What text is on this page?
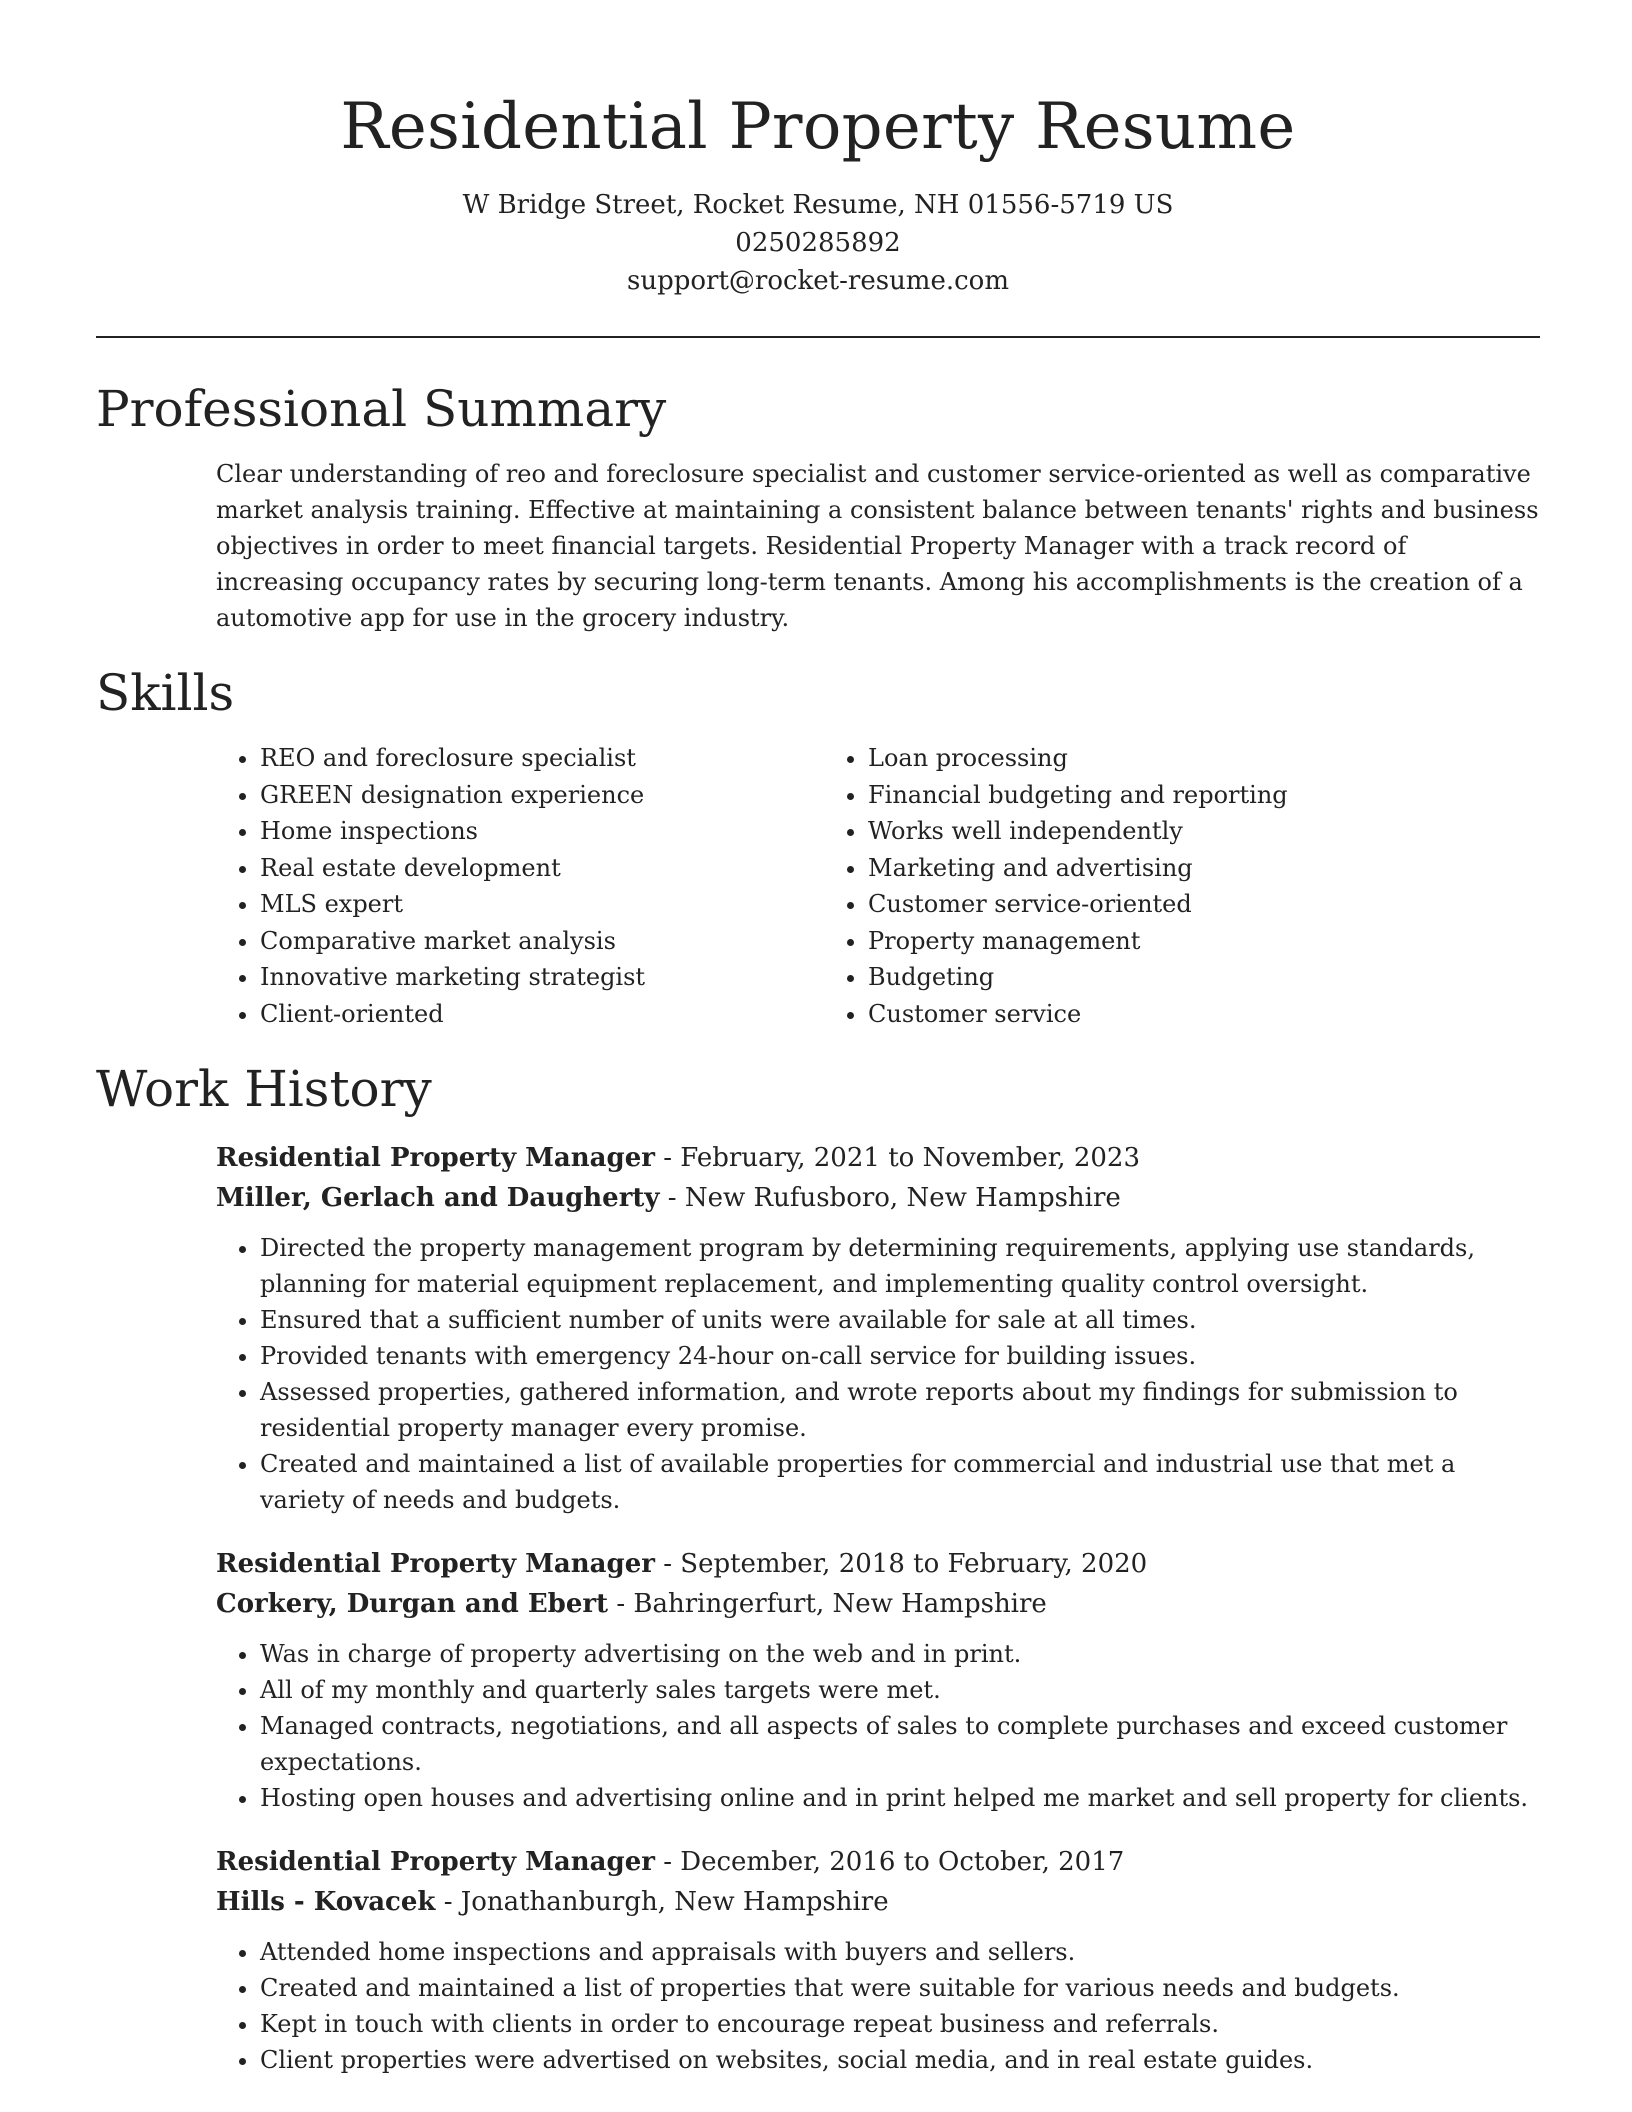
Residential Property Resume
W Bridge Street, Rocket Resume, NH 01556-5719 US
0250285892
support@rocket-resume.com
Professional Summary

Clear understanding of reo and foreclosure specialist and customer service-oriented as well as comparative market analysis training. Effective at maintaining a consistent balance between tenants' rights and business objectives in order to meet financial targets. Residential Property Manager with a track record of increasing occupancy rates by securing long-term tenants. Among his accomplishments is the creation of a automotive app for use in the grocery industry.

Skills
• REO and foreclosure specialist
• GREEN designation experience
• Home inspections
• Real estate development
• MLS expert
• Comparative market analysis
• Innovative marketing strategist
• Client-oriented
• Loan processing
• Financial budgeting and reporting
• Works well independently
• Marketing and advertising
• Customer service-oriented
• Property management
• Budgeting
• Customer service
Work History
Residential Property Manager - February, 2021 to November, 2023
Miller, Gerlach and Daugherty - New Rufusboro, New Hampshire
• Directed the property management program by determining requirements, applying use standards, planning for material equipment replacement, and implementing quality control oversight.
• Ensured that a sufficient number of units were available for sale at all times.
• Provided tenants with emergency 24-hour on-call service for building issues.
• Assessed properties, gathered information, and wrote reports about my findings for submission to residential property manager every promise.
• Created and maintained a list of available properties for commercial and industrial use that met a variety of needs and budgets.
Residential Property Manager - September, 2018 to February, 2020
Corkery, Durgan and Ebert - Bahringerfurt, New Hampshire
• Was in charge of property advertising on the web and in print.
• All of my monthly and quarterly sales targets were met.
• Managed contracts, negotiations, and all aspects of sales to complete purchases and exceed customer expectations.
• Hosting open houses and advertising online and in print helped me market and sell property for clients.
Residential Property Manager - December, 2016 to October, 2017
Hills - Kovacek - Jonathanburgh, New Hampshire
• Attended home inspections and appraisals with buyers and sellers.
• Created and maintained a list of properties that were suitable for various needs and budgets.
• Kept in touch with clients in order to encourage repeat business and referrals.
• Client properties were advertised on websites, social media, and in real estate guides.
